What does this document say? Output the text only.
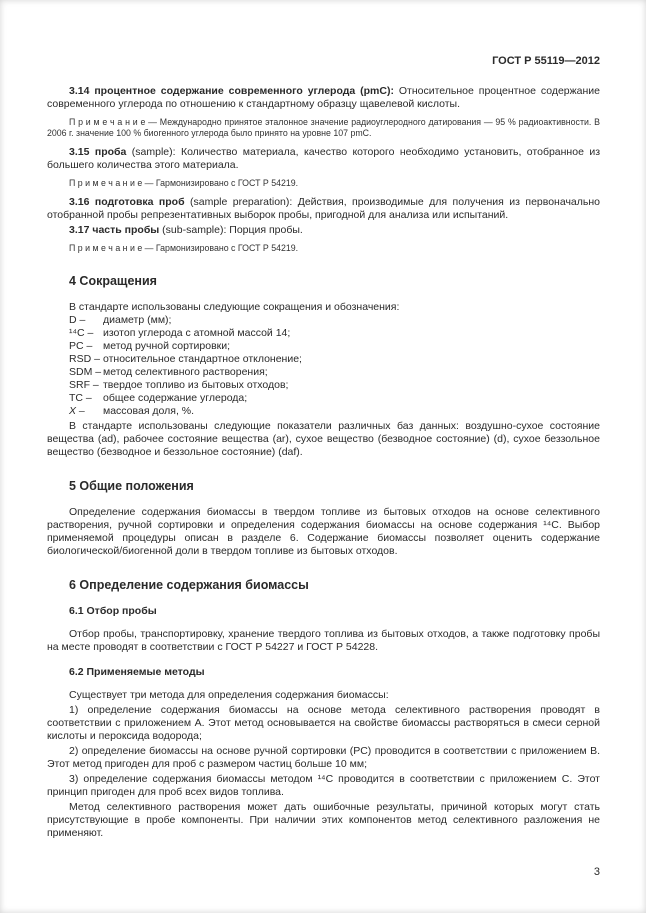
ГОСТ Р 55119—2012

3.14 процентное содержание современного углерода (pmC): Относительное процентное содержание современного углерода по отношению к стандартному образцу щавелевой кислоты.

П р и м е ч а н и е — Международно принятое эталонное значение радиоуглеродного датирования — 95 % радиоактивности. В 2006 г. значение 100 % биогенного углерода было принято на уровне 107 pmC.

3.15 проба (sample): Количество материала, качество которого необходимо установить, отобранное из большего количества этого материала.

П р и м е ч а н и е — Гармонизировано с ГОСТ Р 54219.

3.16 подготовка проб (sample preparation): Действия, производимые для получения из первоначально отобранной пробы репрезентативных выборок пробы, пригодной для анализа или испытаний.

3.17 часть пробы (sub-sample): Порция пробы.

П р и м е ч а н и е — Гармонизировано с ГОСТ Р 54219.

4 Сокращения

В стандарте использованы следующие сокращения и обозначения:

D –	диаметр (мм);
¹⁴C – изотоп углерода с атомной массой 14;
PC –	метод ручной сортировки;
RSD – относительное стандартное отклонение;
SDM – метод селективного растворения;
SRF – твердое топливо из бытовых отходов;
TC –	общее содержание углерода;
X –	массовая доля, %.

В стандарте использованы следующие показатели различных баз данных: воздушно-сухое состояние вещества (ad), рабочее состояние вещества (ar), сухое вещество (безводное состояние) (d), сухое беззольное вещество (безводное и беззольное состояние) (daf).

5 Общие положения

Определение содержания биомассы в твердом топливе из бытовых отходов на основе селективного растворения, ручной сортировки и определения содержания биомассы на основе содержания ¹⁴C. Выбор применяемой процедуры описан в разделе 6. Содержание биомассы позволяет оценить содержание биологической/биогенной доли в твердом топливе из бытовых отходов.

6 Определение содержания биомассы
6.1 Отбор пробы

Отбор пробы, транспортировку, хранение твердого топлива из бытовых отходов, а также подготовку пробы на месте проводят в соответствии с ГОСТ Р 54227 и ГОСТ Р 54228.

6.2 Применяемые методы

Существует три метода для определения содержания биомассы:

1) определение содержания биомассы на основе метода селективного растворения проводят в соответствии с приложением А. Этот метод основывается на свойстве биомассы растворяться в смеси серной кислоты и пероксида водорода;

2) определение биомассы на основе ручной сортировки (PC) проводится в соответствии с приложением В. Этот метод пригоден для проб с размером частиц больше 10 мм;

3) определение содержания биомассы методом ¹⁴C проводится в соответствии с приложением С. Этот принцип пригоден для проб всех видов топлива.

Метод селективного растворения может дать ошибочные результаты, причиной которых могут стать присутствующие в пробе компоненты. При наличии этих компонентов метод селективного разложения не применяют.

3
